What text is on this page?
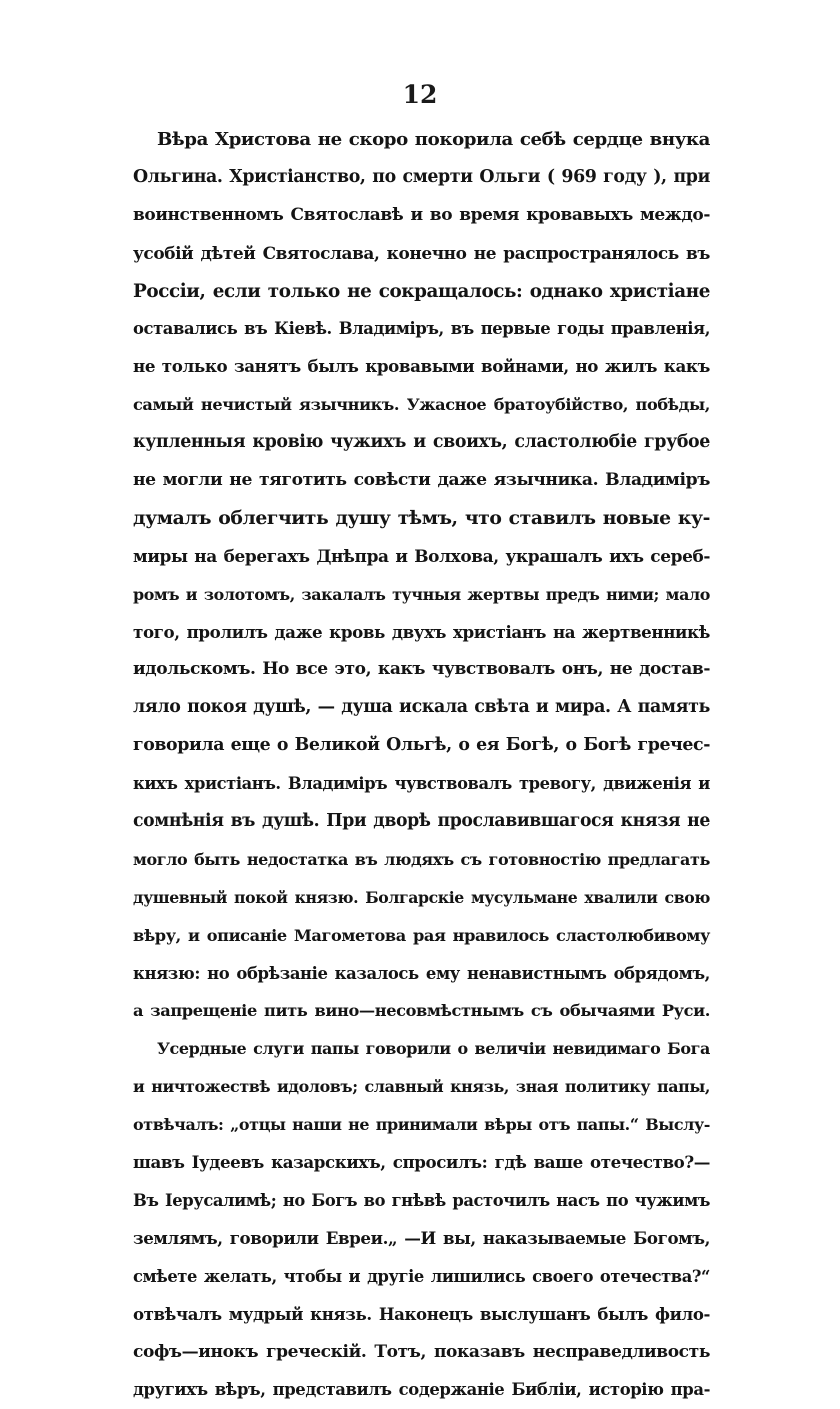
12
Вѣра Христова не скоро покорила себѣ сердце внука
Ольгина. Христіанство, по смерти Ольги ( 969 году ), при
воинственномъ Святославѣ и во время кровавыхъ междо-
усобій дѣтей Святослава, конечно не распространялось въ
Россіи, если только не сокращалось: однако христіане
оставались въ Кіевѣ. Владиміръ, въ первые годы правленія,
не только занятъ былъ кровавыми войнами, но жилъ какъ
самый нечистый язычникъ. Ужасное братоубійство, побѣды,
купленныя кровію чужихъ и своихъ, сластолюбіе грубое
не могли не тяготить совѣсти даже язычника. Владиміръ
думалъ облегчить душу тѣмъ, что ставилъ новые ку-
миры на берегахъ Днѣпра и Волхова, украшалъ ихъ сереб-
ромъ и золотомъ, закалалъ тучныя жертвы предъ ними; мало
того, пролилъ даже кровь двухъ христіанъ на жертвенникѣ
идольскомъ. Но все это, какъ чувствовалъ онъ, не достав-
ляло покоя душѣ, — душа искала свѣта и мира. А память
говорила еще о Великой Ольгѣ, о ея Богѣ, о Богѣ гречес-
кихъ христіанъ. Владиміръ чувствовалъ тревогу, движенія и
сомнѣнія въ душѣ. При дворѣ прославившагося князя не
могло быть недостатка въ людяхъ съ готовностію предлагать
душевный покой князю. Болгарскіе мусульмане хвалили свою
вѣру, и описаніе Магометова рая нравилось сластолюбивому
князю: но обрѣзаніе казалось ему ненавистнымъ обрядомъ,
а запрещеніе пить вино—несовмѣстнымъ съ обычаями Руси.
Усердные слуги папы говорили о величіи невидимаго Бога
и ничтожествѣ идоловъ; славный князь, зная политику папы,
отвѣчалъ: „отцы наши не принимали вѣры отъ папы.“ Выслу-
шавъ Іудеевъ казарскихъ, спросилъ: гдѣ ваше отечество?—
Въ Іерусалимѣ; но Богъ во гнѣвѣ расточилъ насъ по чужимъ
землямъ, говорили Евреи.„ —И вы, наказываемые Богомъ,
смѣете желать, чтобы и другіе лишились своего отечества?“
отвѣчалъ мудрый князь. Наконецъ выслушанъ былъ фило-
софъ—инокъ греческій. Тотъ, показавъ несправедливость
другихъ вѣръ, представилъ содержаніе Библіи, исторію пра-
